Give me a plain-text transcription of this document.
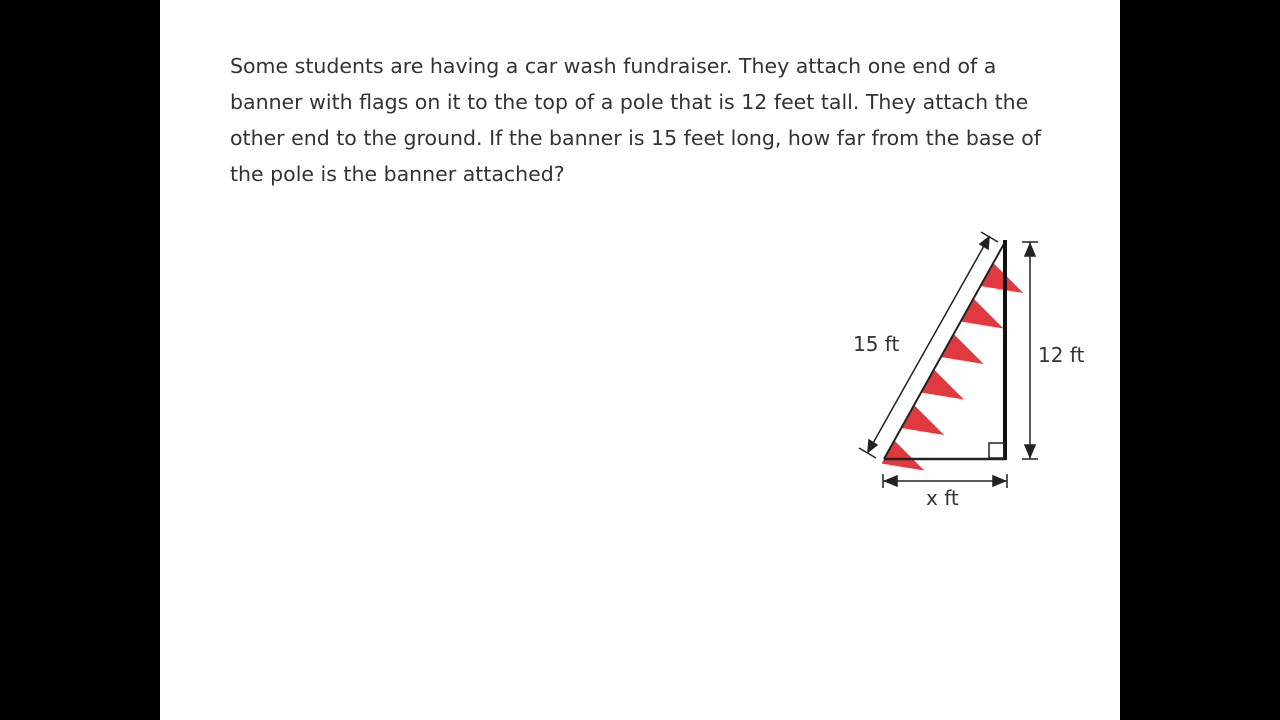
Some students are having a car wash fundraiser. They attach one end of a
banner with flags on it to the top of a pole that is 12 feet tall. They attach the
other end to the ground. If the banner is 15 feet long, how far from the base of
the pole is the banner attached?
15 ft	12 ft
x ft
